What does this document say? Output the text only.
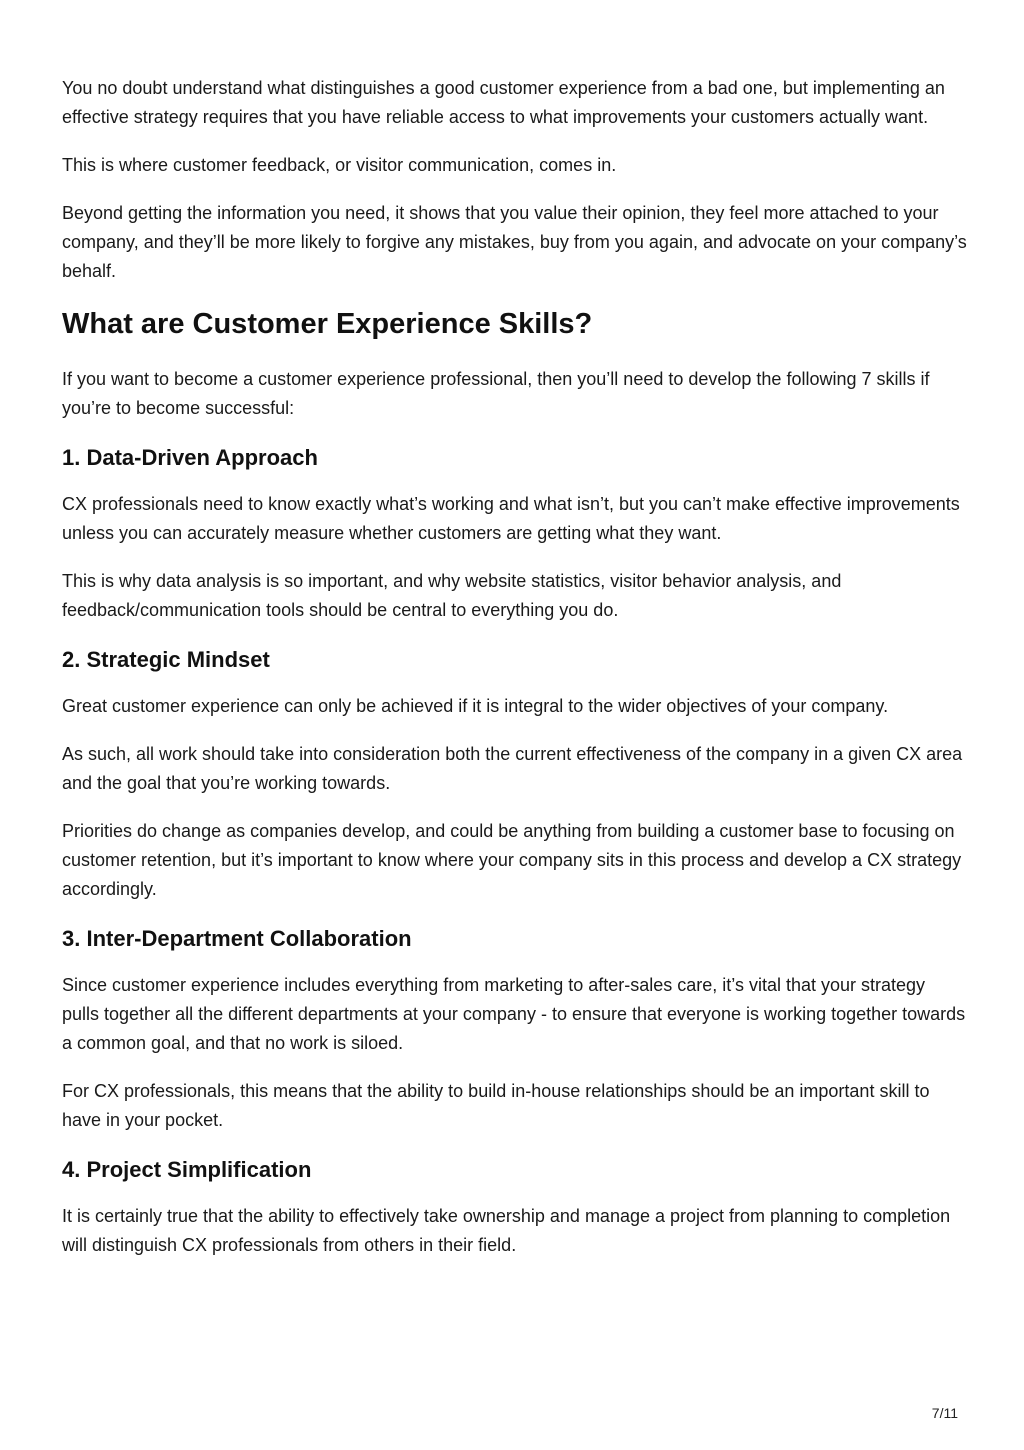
You no doubt understand what distinguishes a good customer experience from a bad one, but implementing an effective strategy requires that you have reliable access to what improvements your customers actually want.

This is where customer feedback, or visitor communication, comes in.

Beyond getting the information you need, it shows that you value their opinion, they feel more attached to your company, and they’ll be more likely to forgive any mistakes, buy from you again, and advocate on your company’s behalf.

What are Customer Experience Skills?

If you want to become a customer experience professional, then you’ll need to develop the following 7 skills if you’re to become successful:

1. Data-Driven Approach

CX professionals need to know exactly what’s working and what isn’t, but you can’t make effective improvements unless you can accurately measure whether customers are getting what they want.

This is why data analysis is so important, and why website statistics, visitor behavior analysis, and feedback/communication tools should be central to everything you do.

2. Strategic Mindset

Great customer experience can only be achieved if it is integral to the wider objectives of your company.

As such, all work should take into consideration both the current effectiveness of the company in a given CX area and the goal that you’re working towards.

Priorities do change as companies develop, and could be anything from building a customer base to focusing on customer retention, but it’s important to know where your company sits in this process and develop a CX strategy accordingly.

3. Inter-Department Collaboration

Since customer experience includes everything from marketing to after-sales care, it’s vital that your strategy pulls together all the different departments at your company - to ensure that everyone is working together towards a common goal, and that no work is siloed.

For CX professionals, this means that the ability to build in-house relationships should be an important skill to have in your pocket.

4. Project Simplification

It is certainly true that the ability to effectively take ownership and manage a project from planning to completion will distinguish CX professionals from others in their field.

7/11
